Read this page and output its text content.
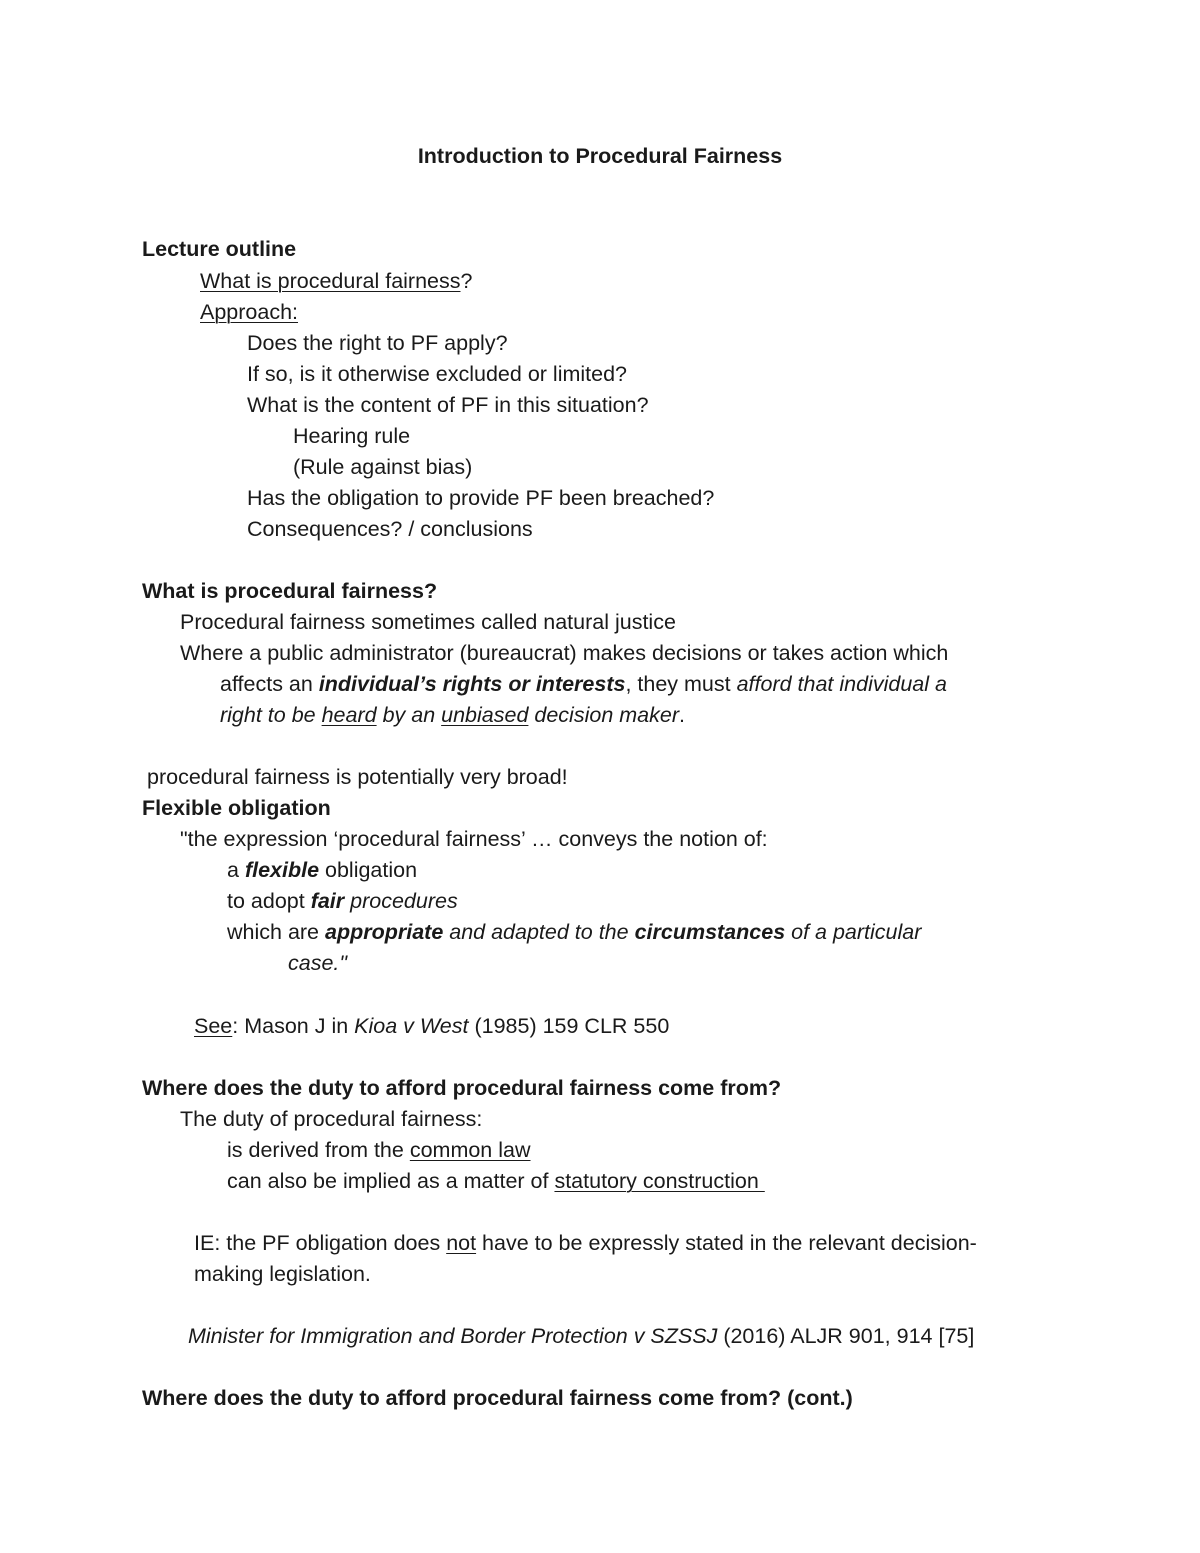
Introduction to Procedural Fairness
Lecture outline
What is procedural fairness?
Approach:
Does the right to PF apply?
If so, is it otherwise excluded or limited?
What is the content of PF in this situation?
Hearing rule
(Rule against bias)
Has the obligation to provide PF been breached?
Consequences? / conclusions
What is procedural fairness?
Procedural fairness sometimes called natural justice
Where a public administrator (bureaucrat) makes decisions or takes action which
affects an individual’s rights or interests, they must afford that individual a
right to be heard by an unbiased decision maker.
procedural fairness is potentially very broad!
Flexible obligation
"the expression ‘procedural fairness’ … conveys the notion of:
a flexible obligation
to adopt fair procedures
which are appropriate and adapted to the circumstances of a particular
case."
See: Mason J in Kioa v West (1985) 159 CLR 550
Where does the duty to afford procedural fairness come from?
The duty of procedural fairness:
is derived from the common law
can also be implied as a matter of statutory construction
IE: the PF obligation does not have to be expressly stated in the relevant decision-
making legislation.
Minister for Immigration and Border Protection v SZSSJ (2016) ALJR 901, 914 [75]
Where does the duty to afford procedural fairness come from? (cont.)
